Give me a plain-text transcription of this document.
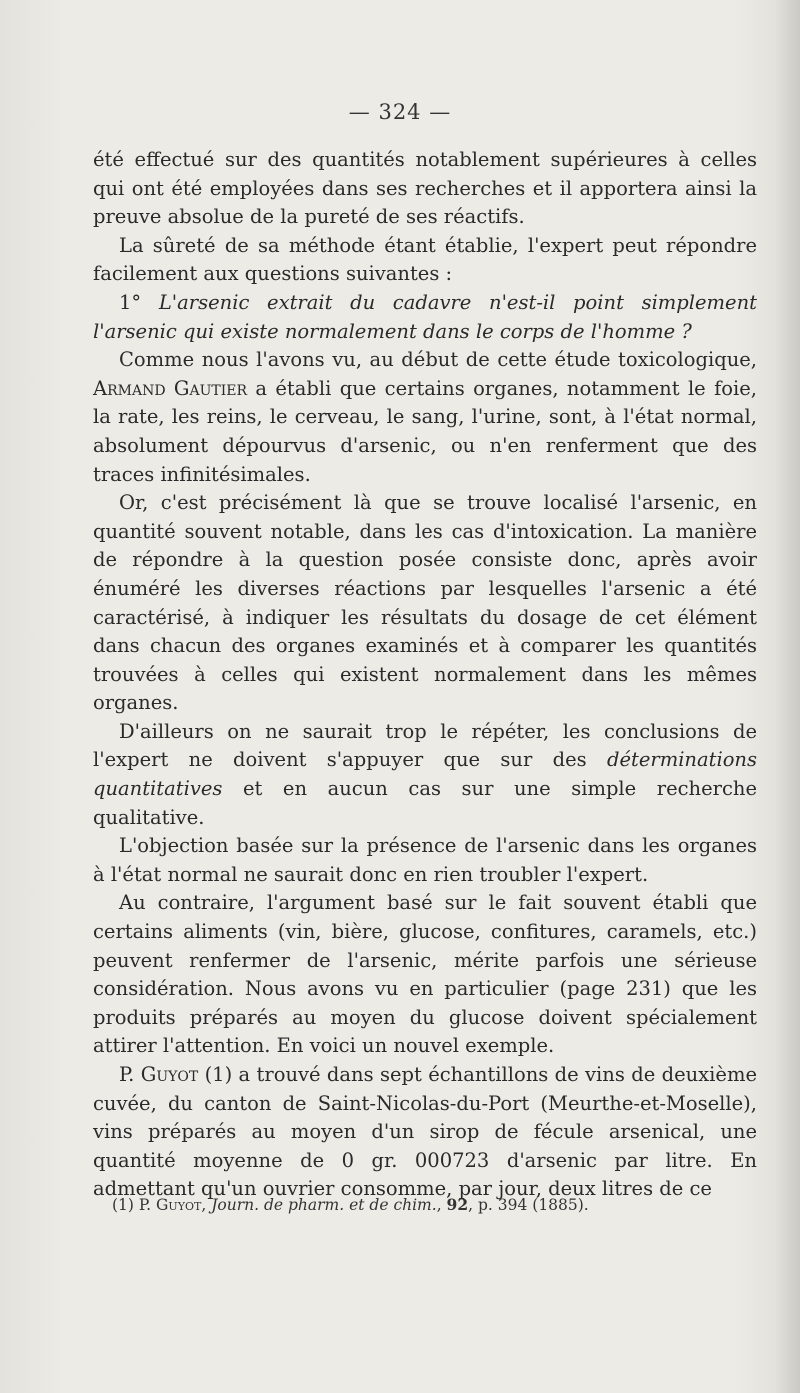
— 324 —

été effectué sur des quantités notablement supérieures à celles qui ont été employées dans ses recherches et il apportera ainsi la preuve absolue de la pureté de ses réactifs.

La sûreté de sa méthode étant établie, l'expert peut répondre facilement aux questions suivantes :

1° L'arsenic extrait du cadavre n'est-il point simplement l'arsenic qui existe normalement dans le corps de l'homme ?

Comme nous l'avons vu, au début de cette étude toxicologique, Armand Gautier a établi que certains organes, notamment le foie, la rate, les reins, le cerveau, le sang, l'urine, sont, à l'état normal, absolument dépourvus d'arsenic, ou n'en renferment que des traces infinitésimales.

Or, c'est précisément là que se trouve localisé l'arsenic, en quantité souvent notable, dans les cas d'intoxication. La manière de répondre à la question posée consiste donc, après avoir énuméré les diverses réactions par lesquelles l'arsenic a été caractérisé, à indiquer les résultats du dosage de cet élément dans chacun des organes examinés et à comparer les quantités trouvées à celles qui existent normalement dans les mêmes organes.

D'ailleurs on ne saurait trop le répéter, les conclusions de l'expert ne doivent s'appuyer que sur des déterminations quantitatives et en aucun cas sur une simple recherche qualitative.

L'objection basée sur la présence de l'arsenic dans les organes à l'état normal ne saurait donc en rien troubler l'expert.

Au contraire, l'argument basé sur le fait souvent établi que certains aliments (vin, bière, glucose, confitures, caramels, etc.) peuvent renfermer de l'arsenic, mérite parfois une sérieuse considération. Nous avons vu en particulier (page 231) que les produits préparés au moyen du glucose doivent spécialement attirer l'attention. En voici un nouvel exemple.

P. Guyot (1) a trouvé dans sept échantillons de vins de deuxième cuvée, du canton de Saint-Nicolas-du-Port (Meurthe-et-Moselle), vins préparés au moyen d'un sirop de fécule arsenical, une quantité moyenne de 0 gr. 000723 d'arsenic par litre. En admettant qu'un ouvrier consomme, par jour, deux litres de ce

(1) P. Guyot, Journ. de pharm. et de chim., 92, p. 394 (1885).
